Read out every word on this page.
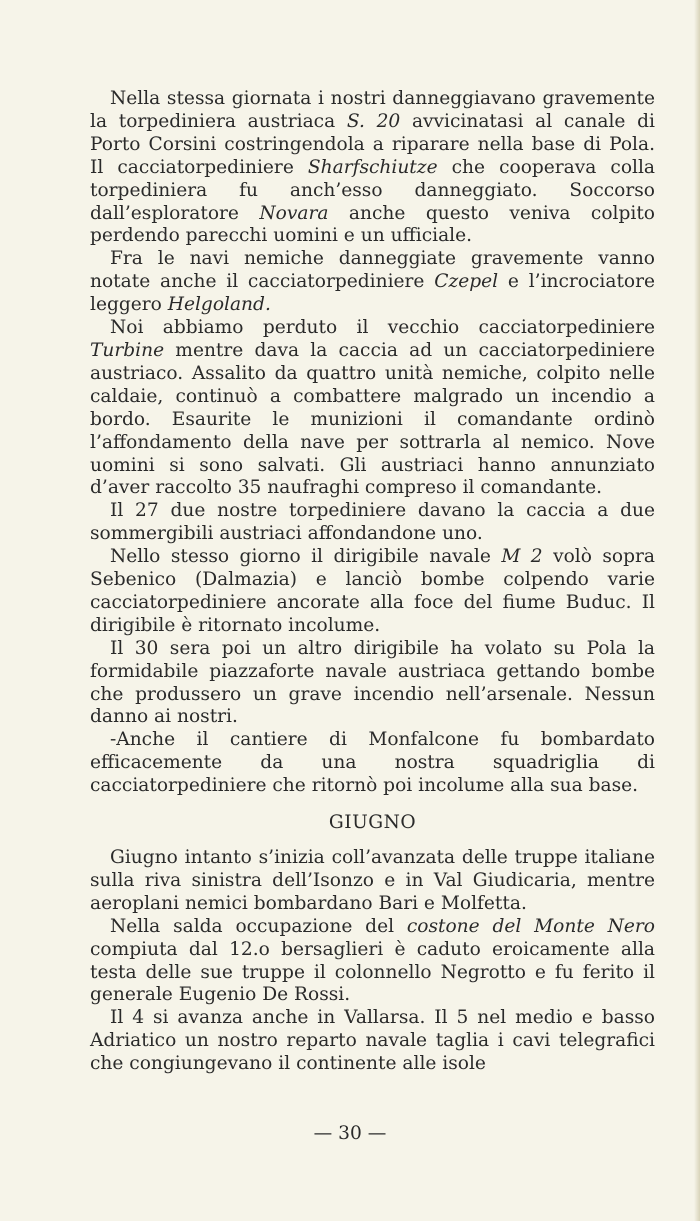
Nella stessa giornata i nostri danneggiavano gravemente la torpediniera austriaca S. 20 avvicinatasi al canale di Porto Corsini costringendola a riparare nella base di Pola. Il cacciatorpediniere Sharfschiutze che cooperava colla torpediniera fu anch’esso danneggiato. Soccorso dall’esploratore Novara anche questo veniva colpito perdendo parecchi uomini e un ufficiale.

Fra le navi nemiche danneggiate gravemente vanno notate anche il cacciatorpediniere Czepel e l’incrociatore leggero Helgoland.

Noi abbiamo perduto il vecchio cacciatorpediniere Turbine mentre dava la caccia ad un cacciatorpediniere austriaco. Assalito da quattro unità nemiche, colpito nelle caldaie, continuò a combattere malgrado un incendio a bordo. Esaurite le munizioni il comandante ordinò l’affondamento della nave per sottrarla al nemico. Nove uomini si sono salvati. Gli austriaci hanno annunziato d’aver raccolto 35 naufraghi compreso il comandante.

Il 27 due nostre torpediniere davano la caccia a due sommergibili austriaci affondandone uno.

Nello stesso giorno il dirigibile navale M 2 volò sopra Sebenico (Dalmazia) e lanciò bombe colpendo varie cacciatorpediniere ancorate alla foce del fiume Buduc. Il dirigibile è ritornato incolume.

Il 30 sera poi un altro dirigibile ha volato su Pola la formidabile piazzaforte navale austriaca gettando bombe che produssero un grave incendio nell’arsenale. Nessun danno ai nostri.

-Anche il cantiere di Monfalcone fu bombardato efficacemente da una nostra squadriglia di cacciatorpediniere che ritornò poi incolume alla sua base.

GIUGNO

Giugno intanto s’inizia coll’avanzata delle truppe italiane sulla riva sinistra dell’Isonzo e in Val Giudicaria, mentre aeroplani nemici bombardano Bari e Molfetta.

Nella salda occupazione del costone del Monte Nero compiuta dal 12.o bersaglieri è caduto eroicamente alla testa delle sue truppe il colonnello Negrotto e fu ferito il generale Eugenio De Rossi.

Il 4 si avanza anche in Vallarsa. Il 5 nel medio e basso Adriatico un nostro reparto navale taglia i cavi telegrafici che congiungevano il continente alle isole

— 30 —
